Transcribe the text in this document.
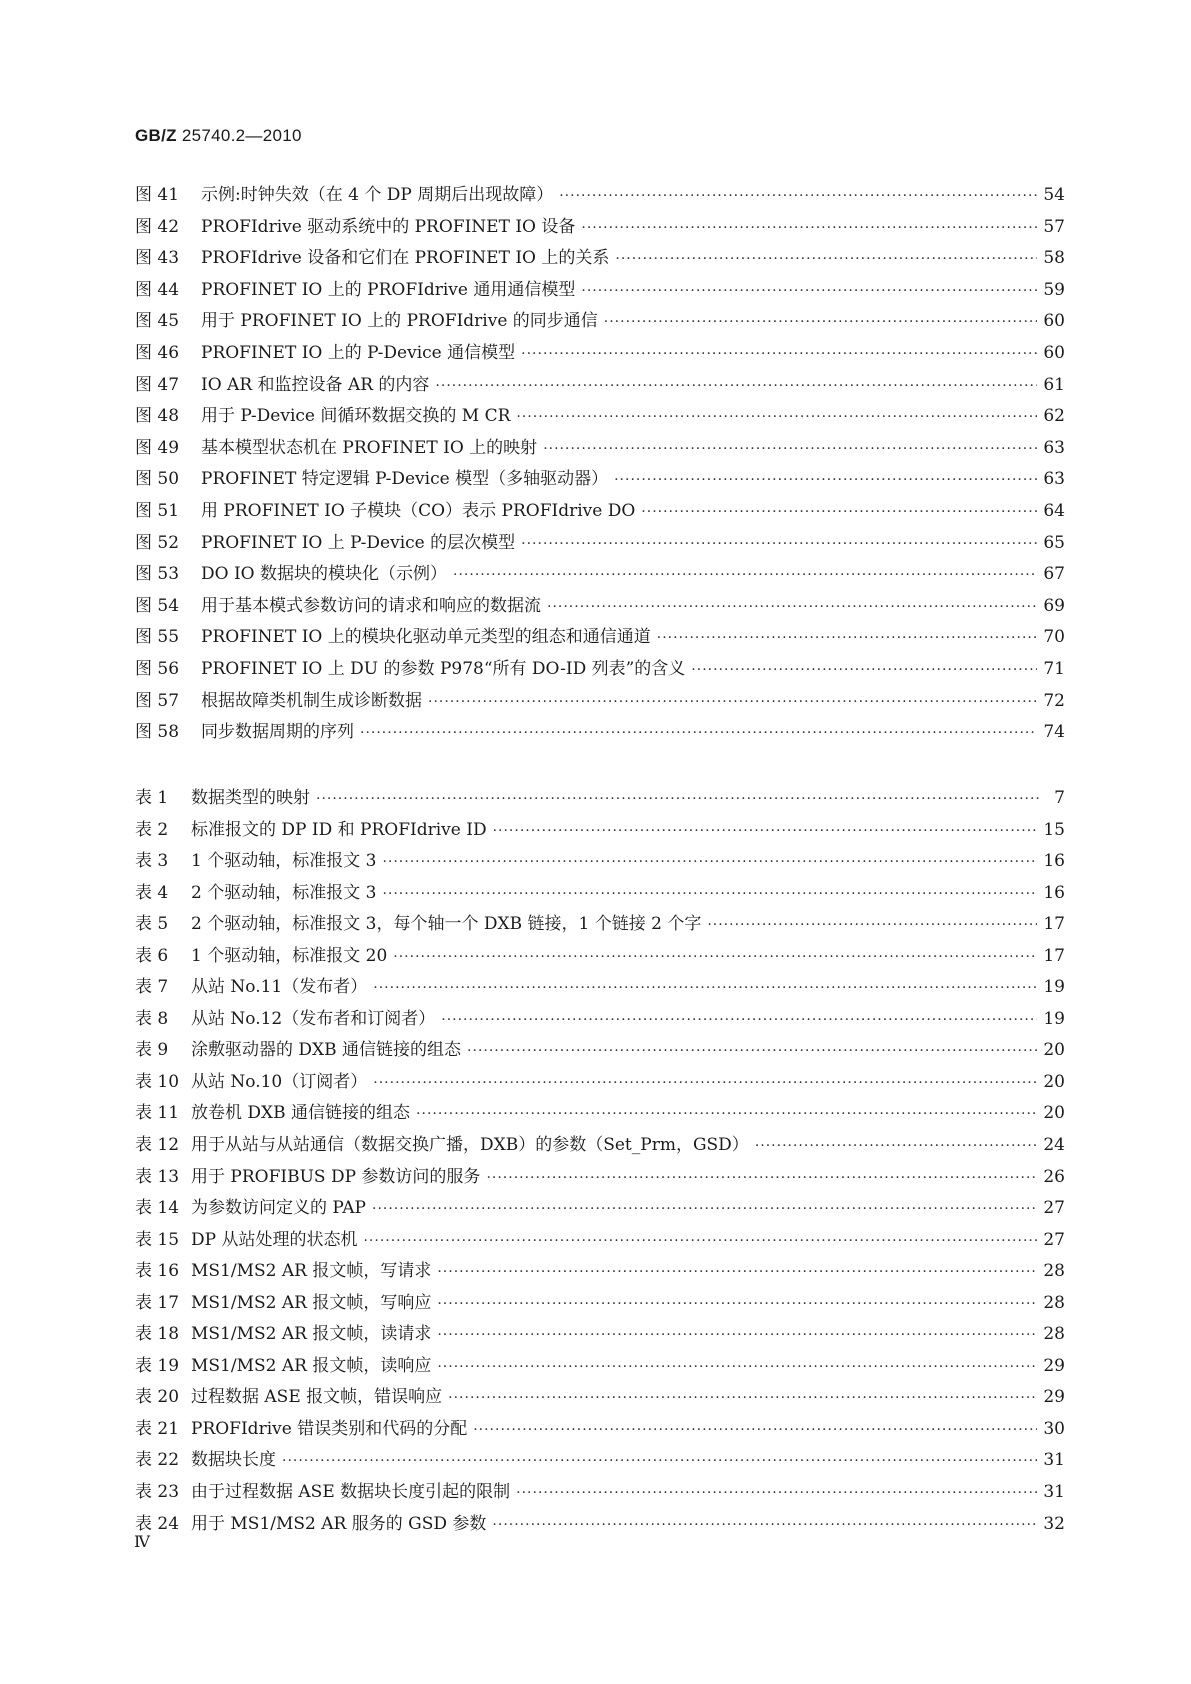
GB/Z 25740.2—2010
图 41	示例:时钟失效（在 4 个 DP 周期后出现故障） ·····	54
图 42	PROFIdrive 驱动系统中的 PROFINET IO 设备 ·····	57
图 43	PROFIdrive 设备和它们在 PROFINET IO 上的关系 ·····	58
图 44	PROFINET IO 上的 PROFIdrive 通用通信模型 ·····	59
图 45	用于 PROFINET IO 上的 PROFIdrive 的同步通信 ·····	60
图 46	PROFINET IO 上的 P-Device 通信模型 ·····	60
图 47	IO AR 和监控设备 AR 的内容 ·····	61
图 48	用于 P-Device 间循环数据交换的 M CR ·····	62
图 49	基本模型状态机在 PROFINET IO 上的映射 ·····	63
图 50	PROFINET 特定逻辑 P-Device 模型（多轴驱动器） ·····	63
图 51	用 PROFINET IO 子模块（CO）表示 PROFIdrive DO ·····	64
图 52	PROFINET IO 上 P-Device 的层次模型 ·····	65
图 53	DO IO 数据块的模块化（示例） ·····	67
图 54	用于基本模式参数访问的请求和响应的数据流 ·····	69
图 55	PROFINET IO 上的模块化驱动单元类型的组态和通信通道 ·····	70
图 56	PROFINET IO 上 DU 的参数 P978“所有 DO-ID 列表”的含义 ·····	71
图 57	根据故障类机制生成诊断数据 ·····	72
图 58	同步数据周期的序列 ·····	74
表 1	数据类型的映射 ·····	7
表 2	标准报文的 DP ID 和 PROFIdrive ID ·····	15
表 3	1 个驱动轴，标准报文 3 ·····	16
表 4	2 个驱动轴，标准报文 3 ·····	16
表 5	2 个驱动轴，标准报文 3，每个轴一个 DXB 链接，1 个链接 2 个字 ·····	17
表 6	1 个驱动轴，标准报文 20 ·····	17
表 7	从站 No.11（发布者） ·····	19
表 8	从站 No.12（发布者和订阅者） ·····	19
表 9	涂敷驱动器的 DXB 通信链接的组态 ·····	20
表 10 从站 No.10（订阅者） ·····	20
表 11 放卷机 DXB 通信链接的组态 ·····	20
表 12 用于从站与从站通信（数据交换广播，DXB）的参数（Set_Prm，GSD） ·····	24
表 13 用于 PROFIBUS DP 参数访问的服务 ·····	26
表 14 为参数访问定义的 PAP ·····	27
表 15 DP 从站处理的状态机 ·····	27
表 16 MS1/MS2 AR 报文帧，写请求 ·····	28
表 17 MS1/MS2 AR 报文帧，写响应 ·····	28
表 18 MS1/MS2 AR 报文帧，读请求 ·····	28
表 19 MS1/MS2 AR 报文帧，读响应 ·····	29
表 20 过程数据 ASE 报文帧，错误响应 ·····	29
表 21 PROFIdrive 错误类别和代码的分配 ·····	30
表 22 数据块长度 ·····	31
表 23 由于过程数据 ASE 数据块长度引起的限制 ·····	31
表 24 用于 MS1/MS2 AR 服务的 GSD 参数 ·····	32
Ⅳ
